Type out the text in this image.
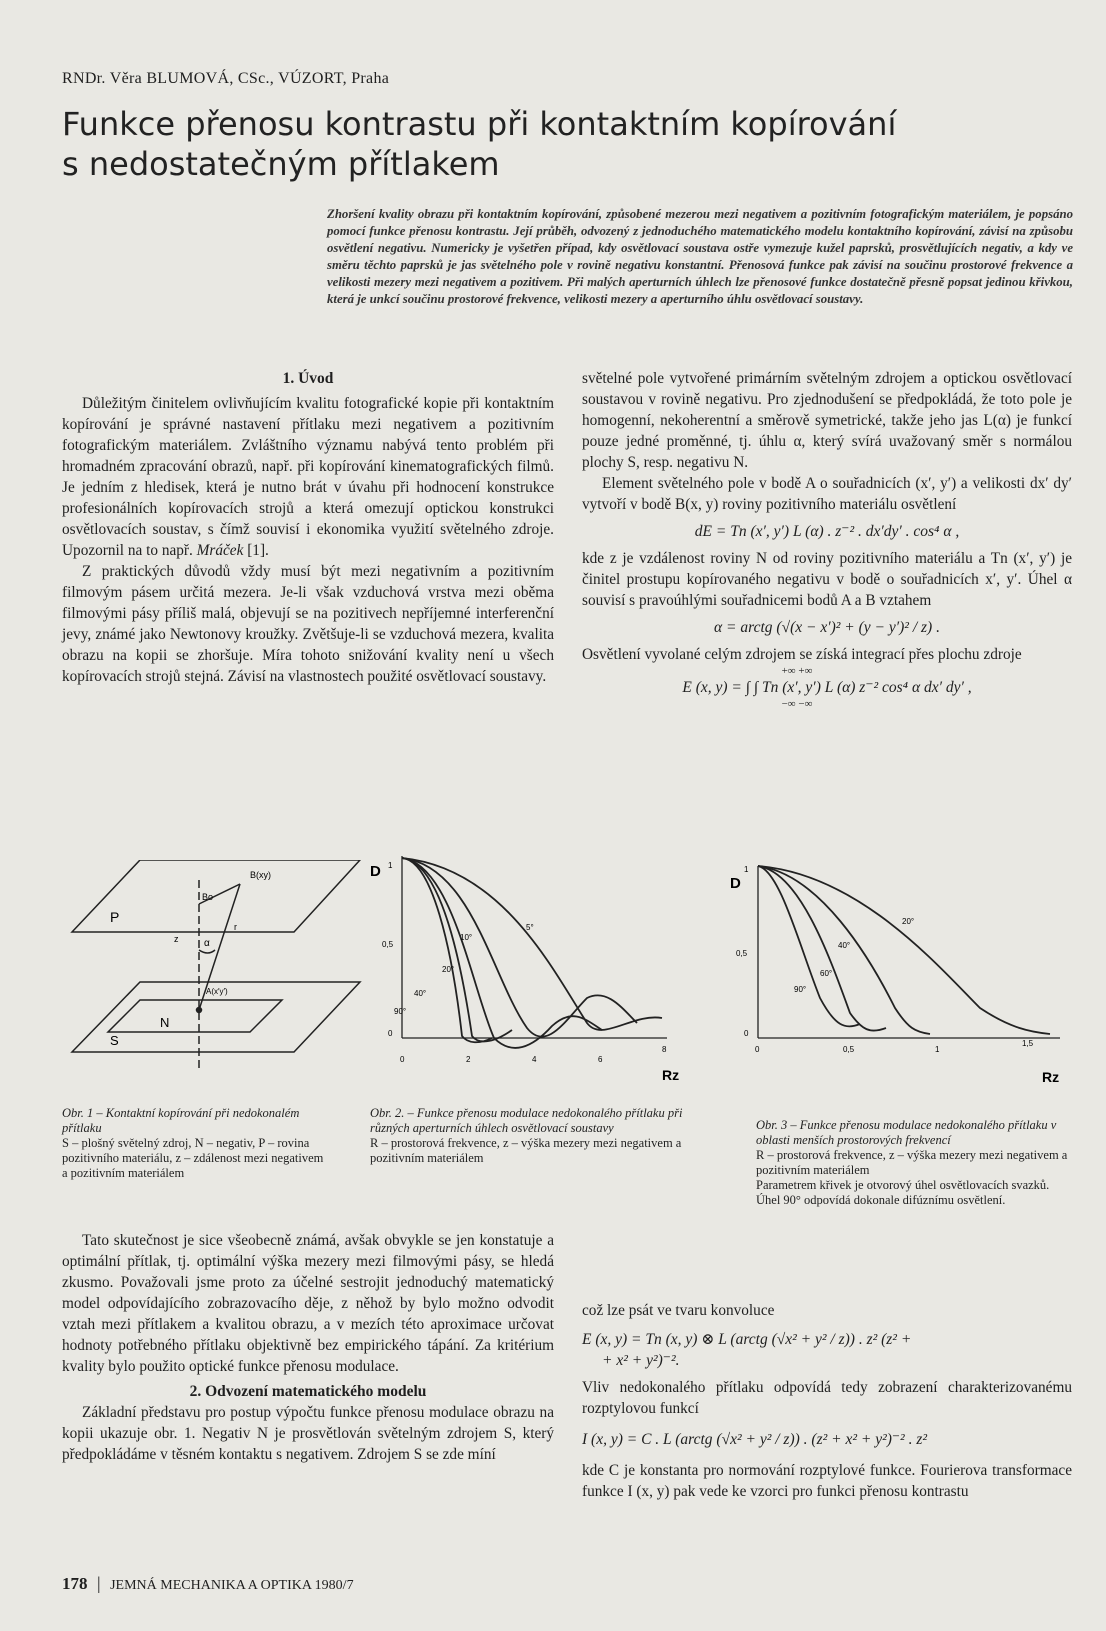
RNDr. Věra BLUMOVÁ, CSc., VÚZORT, Praha
Funkce přenosu kontrastu při kontaktním kopírování
s nedostatečným přítlakem
Zhoršení kvality obrazu při kontaktním kopírování, způsobené mezerou mezi negativem a pozitivním fotografickým materiálem, je popsáno pomocí funkce přenosu kontrastu. Její průběh, odvozený z jednoduchého matematického modelu kontaktního kopírování, závisí na způsobu osvětlení negativu. Numericky je vyšetřen případ, kdy osvětlovací soustava ostře vymezuje kužel paprsků, prosvětlujících negativ, a kdy ve směru těchto paprsků je jas světelného pole v rovině negativu konstantní. Přenosová funkce pak závisí na součinu prostorové frekvence a velikosti mezery mezi negativem a pozitivem. Při malých aperturních úhlech lze přenosové funkce dostatečně přesně popsat jedinou křivkou, která je unkcí součinu prostorové frekvence, velikosti mezery a aperturního úhlu osvětlovací soustavy.
1. Úvod

Důležitým činitelem ovlivňujícím kvalitu fotografické kopie při kontaktním kopírování je správné nastavení přítlaku mezi negativem a pozitivním fotografickým materiálem. Zvláštního významu nabývá tento problém při hromadném zpracování obrazů, např. při kopírování kinematografických filmů. Je jedním z hledisek, která je nutno brát v úvahu při hodnocení konstrukce profesionálních kopírovacích strojů a která omezují optickou konstrukci osvětlovacích soustav, s čímž souvisí i ekonomika využití světelného zdroje. Upozornil na to např. Mráček [1].

Z praktických důvodů vždy musí být mezi negativním a pozitivním filmovým pásem určitá mezera. Je-li však vzduchová vrstva mezi oběma filmovými pásy příliš malá, objevují se na pozitivech nepříjemné interferenční jevy, známé jako Newtonovy kroužky. Zvětšuje-li se vzduchová mezera, kvalita obrazu na kopii se zhoršuje. Míra tohoto snižování kvality není u všech kopírovacích strojů stejná. Závisí na vlastnostech použité osvětlovací soustavy.

světelné pole vytvořené primárním světelným zdrojem a optickou osvětlovací soustavou v rovině negativu. Pro zjednodušení se předpokládá, že toto pole je homogenní, nekoherentní a směrově symetrické, takže jeho jas L(α) je funkcí pouze jedné proměnné, tj. úhlu α, který svírá uvažovaný směr s normálou plochy S, resp. negativu N.

Element světelného pole v bodě A o souřadnicích (x′, y′) a velikosti dx′ dy′ vytvoří v bodě B(x, y) roviny pozitivního materiálu osvětlení

dE = Tn (x′, y′) L (α) . z⁻² . dx′dy′ . cos⁴ α ,

kde z je vzdálenost roviny N od roviny pozitivního materiálu a Tn (x′, y′) je činitel prostupu kopírovaného negativu v bodě o souřadnicích x′, y′. Úhel α souvisí s pravoúhlými souřadnicemi bodů A a B vztahem

α = arctg (√(x − x′)² + (y − y′)² / z) .

Osvětlení vyvolané celým zdrojem se získá integrací přes plochu zdroje

+∞ +∞
E (x, y) = ∫ ∫ Tn (x′, y′) L (α) z⁻² cos⁴ α dx′ dy′ ,
−∞ −∞
B(xy)
Bo
P
z	α
r
A(x′y′)
N
S
Obr. 1 – Kontaktní kopírování při nedokonalém přítlaku
S – plošný světelný zdroj, N – negativ, P – rovina pozitivního materiálu, z – zdálenost mezi negativem a pozitivním materiálem
D
Rz
1
0,5
0
0	2	4	6
8
5°
10°
20°
40°
90°
Obr. 2. – Funkce přenosu modulace nedokonalého přítlaku při různých aperturních úhlech osvětlovací soustavy
R – prostorová frekvence, z – výška mezery mezi negativem a pozitivním materiálem
D
Rz
1
0,5
0
0	0,5	1
1,5
20°
40°
60°
90°
Obr. 3 – Funkce přenosu modulace nedokonalého přítlaku v oblasti menších prostorových frekvencí
R – prostorová frekvence, z – výška mezery mezi negativem a pozitivním materiálem
Parametrem křivek je otvorový úhel osvětlovacích svazků. Úhel 90° odpovídá dokonale difúznímu osvětlení.

Tato skutečnost je sice všeobecně známá, avšak obvykle se jen konstatuje a optimální přítlak, tj. optimální výška mezery mezi filmovými pásy, se hledá zkusmo. Považovali jsme proto za účelné sestrojit jednoduchý matematický model odpovídajícího zobrazovacího děje, z něhož by bylo možno odvodit vztah mezi přítlakem a kvalitou obrazu, a v mezích této aproximace určovat hodnoty potřebného přítlaku objektivně bez empirického tápání. Za kritérium kvality bylo použito optické funkce přenosu modulace.

2. Odvození matematického modelu

Základní představu pro postup výpočtu funkce přenosu modulace obrazu na kopii ukazuje obr. 1. Negativ N je prosvětlován světelným zdrojem S, který předpokládáme v těsném kontaktu s negativem. Zdrojem S se zde míní

což lze psát ve tvaru konvoluce

E (x, y) = Tn (x, y) ⊗ L (arctg (√x² + y² / z)) . z² (z² +
+ x² + y²)⁻².

Vliv nedokonalého přítlaku odpovídá tedy zobrazení charakterizovanému rozptylovou funkcí

I (x, y) = C . L (arctg (√x² + y² / z)) . (z² + x² + y²)⁻² . z²

kde C je konstanta pro normování rozptylové funkce. Fourierova transformace funkce I (x, y) pak vede ke vzorci pro funkci přenosu kontrastu

178 | JEMNÁ MECHANIKA A OPTIKA 1980/7
